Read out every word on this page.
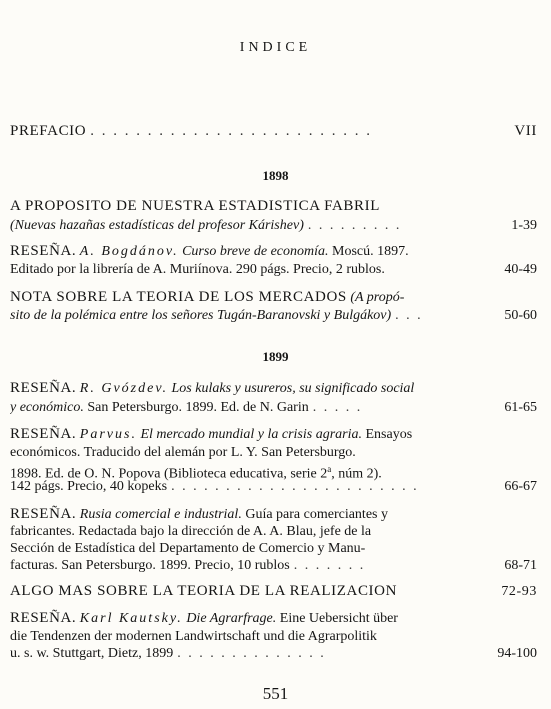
INDICE
PREFACIO . . . . . . . . . . . . . . . . . . . . . . . . .	VII
1898
A PROPOSITO DE NUESTRA ESTADISTICA FABRIL
(Nuevas hazañas estadísticas del profesor Kárishev) . . . . . . . . .	1-39
RESEÑA. A. Bogdánov. Curso breve de economía. Moscú. 1897.
Editado por la librería de A. Muriínova. 290 págs. Precio, 2 rublos.	40-49
NOTA SOBRE LA TEORIA DE LOS MERCADOS (A propó-
sito de la polémica entre los señores Tugán-Baranovski y Bulgákov) . . .	50-60
1899
RESEÑA. R. Gvózdev. Los kulaks y usureros, su significado social
y económico. San Petersburgo. 1899. Ed. de N. Garin . . . . .	61-65
RESEÑA. Parvus. El mercado mundial y la crisis agraria. Ensayos
económicos. Traducido del alemán por L. Y. San Petersburgo.
1898. Ed. de O. N. Popova (Biblioteca educativa, serie 2$^a$, núm 2).
142 págs. Precio, 40 kopeks . . . . . . . . . . . . . . . . . . . . . . .	66-67
RESEÑA. Rusia comercial e industrial. Guía para comerciantes y
fabricantes. Redactada bajo la dirección de A. A. Blau, jefe de la
Sección de Estadística del Departamento de Comercio y Manu-
facturas. San Petersburgo. 1899. Precio, 10 rublos . . . . . . .	68-71
ALGO MAS SOBRE LA TEORIA DE LA REALIZACION	72-93
RESEÑA. Karl Kautsky. Die Agrarfrage. Eine Uebersicht über
die Tendenzen der modernen Landwirtschaft und die Agrarpolitik
u. s. w. Stuttgart, Dietz, 1899 . . . . . . . . . . . . . .	94-100
551
